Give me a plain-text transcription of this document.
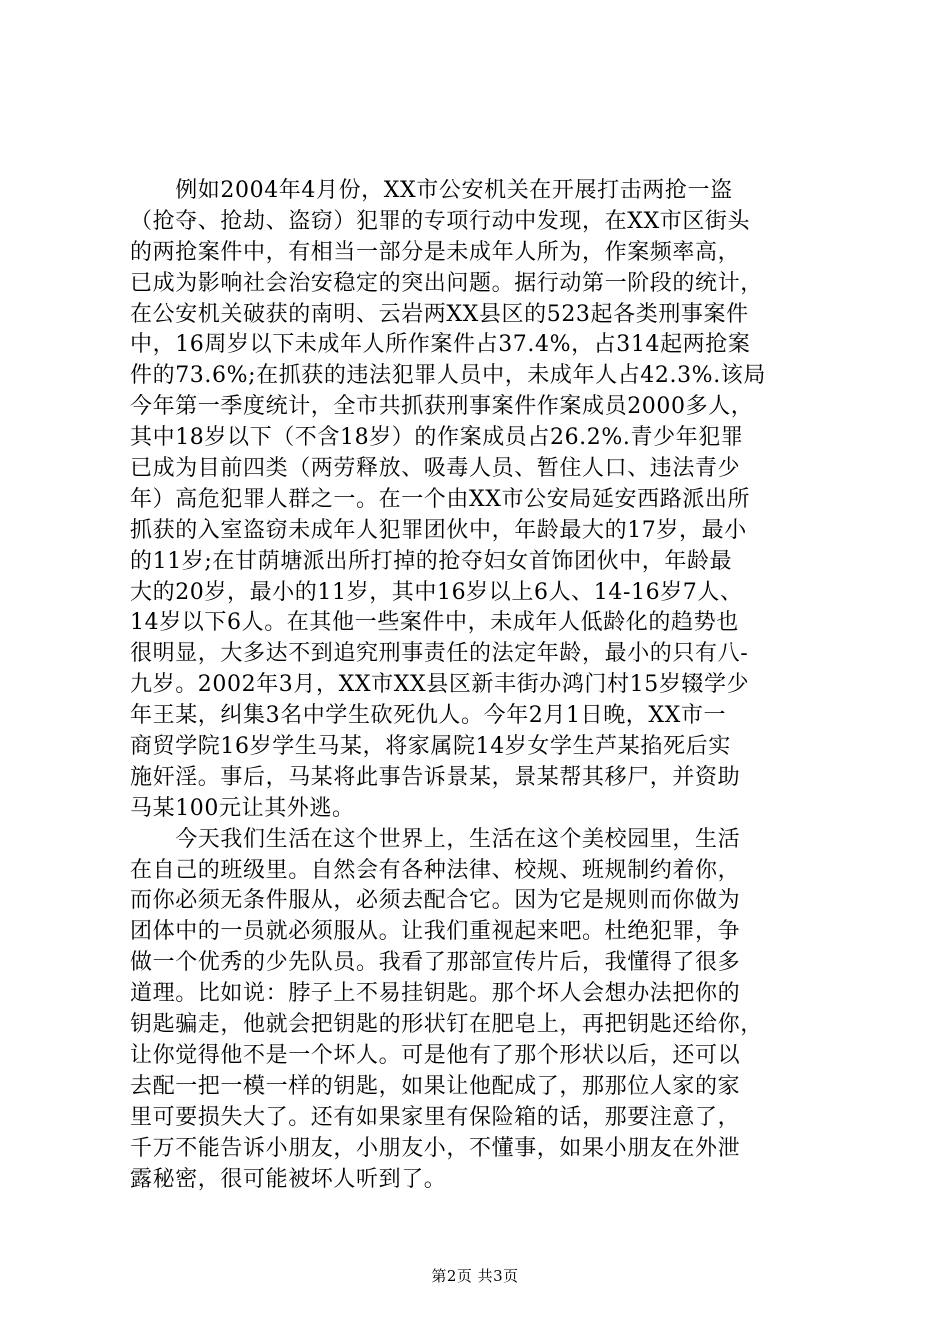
　　例如2004年4月份，XX市公安机关在开展打击两抢一盗
（抢夺、抢劫、盗窃）犯罪的专项行动中发现，在XX市区街头
的两抢案件中，有相当一部分是未成年人所为，作案频率高，
已成为影响社会治安稳定的突出问题。据行动第一阶段的统计，
在公安机关破获的南明、云岩两XX县区的523起各类刑事案件
中，16周岁以下未成年人所作案件占37.4%，占314起两抢案
件的73.6%;在抓获的违法犯罪人员中，未成年人占42.3%.该局
今年第一季度统计，全市共抓获刑事案件作案成员2000多人，
其中18岁以下（不含18岁）的作案成员占26.2%.青少年犯罪
已成为目前四类（两劳释放、吸毒人员、暂住人口、违法青少
年）高危犯罪人群之一。在一个由XX市公安局延安西路派出所
抓获的入室盗窃未成年人犯罪团伙中，年龄最大的17岁，最小
的11岁;在甘荫塘派出所打掉的抢夺妇女首饰团伙中，年龄最
大的20岁，最小的11岁，其中16岁以上6人、14-16岁7人、
14岁以下6人。在其他一些案件中，未成年人低龄化的趋势也
很明显，大多达不到追究刑事责任的法定年龄，最小的只有八-
九岁。2002年3月，XX市XX县区新丰街办鸿门村15岁辍学少
年王某，纠集3名中学生砍死仇人。今年2月1日晚，XX市一
商贸学院16岁学生马某，将家属院14岁女学生芦某掐死后实
施奸淫。事后，马某将此事告诉景某，景某帮其移尸，并资助
马某100元让其外逃。
　　今天我们生活在这个世界上，生活在这个美校园里，生活
在自己的班级里。自然会有各种法律、校规、班规制约着你，
而你必须无条件服从，必须去配合它。因为它是规则而你做为
团体中的一员就必须服从。让我们重视起来吧。杜绝犯罪，争
做一个优秀的少先队员。我看了那部宣传片后，我懂得了很多
道理。比如说：脖子上不易挂钥匙。那个坏人会想办法把你的
钥匙骗走，他就会把钥匙的形状钉在肥皂上，再把钥匙还给你，
让你觉得他不是一个坏人。可是他有了那个形状以后，还可以
去配一把一模一样的钥匙，如果让他配成了，那那位人家的家
里可要损失大了。还有如果家里有保险箱的话，那要注意了，
千万不能告诉小朋友，小朋友小，不懂事，如果小朋友在外泄
露秘密，很可能被坏人听到了。
第2页 共3页
